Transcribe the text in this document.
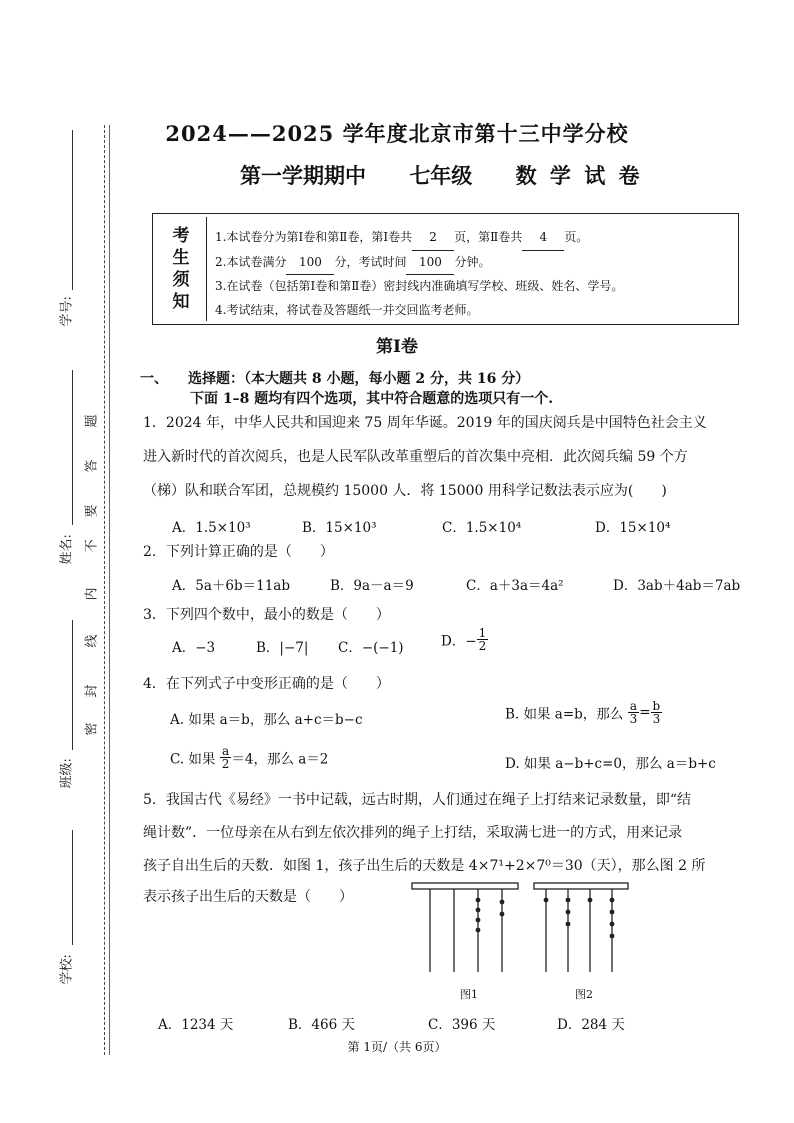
学号:
姓名:
班级:
学校:
密
封
线
内
不
要
答
题
2024——2025 学年度北京市第十三中学分校
第一学期期中 七年级 数 学 试 卷
考
生
须
知
1.本试卷分为第Ⅰ卷和第Ⅱ卷，第Ⅰ卷共 2 页，第Ⅱ卷共 4 页。
2.本试卷满分 100 分，考试时间 100 分钟。
3.在试卷（包括第Ⅰ卷和第Ⅱ卷）密封线内准确填写学校、班级、姓名、学号。
4.考试结束，将试卷及答题纸一并交回监考老师。
第Ⅰ卷
一、 选择题：（本大题共 8 小题，每小题 2 分，共 16 分）
下面 1–8 题均有四个选项，其中符合题意的选项只有一个.
1．2024 年，中华人民共和国迎来 75 周年华诞。2019 年的国庆阅兵是中国特色社会主义
进入新时代的首次阅兵，也是人民军队改革重塑后的首次集中亮相．此次阅兵编 59 个方
（梯）队和联合军团，总规模约 15000 人．将 15000 用科学记数法表示应为(　　)
A．1.5×10³	B．15×10³	C．1.5×10⁴	D．15×10⁴
2．下列计算正确的是（　　）
A．5a＋6b＝11ab	B．9a－a＝9	C．a＋3a＝4a²	D．3ab＋4ab＝7ab
3．下列四个数中，最小的数是（　　）
A．−3	B．|−7| C．−(−1)	D．− $\frac{1}{2}$
4．在下列式子中变形正确的是（　　）
A. 如果 a＝b，那么 a+c＝b−c	B. 如果 a=b，那么 $\frac{a}{3} = \frac{b}{3}$
C. 如果 $\frac{a}{2} =4$，那么 a＝2	D. 如果 a−b+c=0，那么 a＝b+c
5．我国古代《易经》一书中记载，远古时期，人们通过在绳子上打结来记录数量，即“结
绳计数”．一位母亲在从右到左依次排列的绳子上打结，采取满七进一的方式，用来记录
孩子自出生后的天数．如图 1，孩子出生后的天数是 4×7¹+2×7⁰＝30（天），那么图 2 所
表示孩子出生后的天数是（　　）
图1	图2
A．1234 天	B．466 天	C．396 天	D．284 天
第 1页/（共 6页）
